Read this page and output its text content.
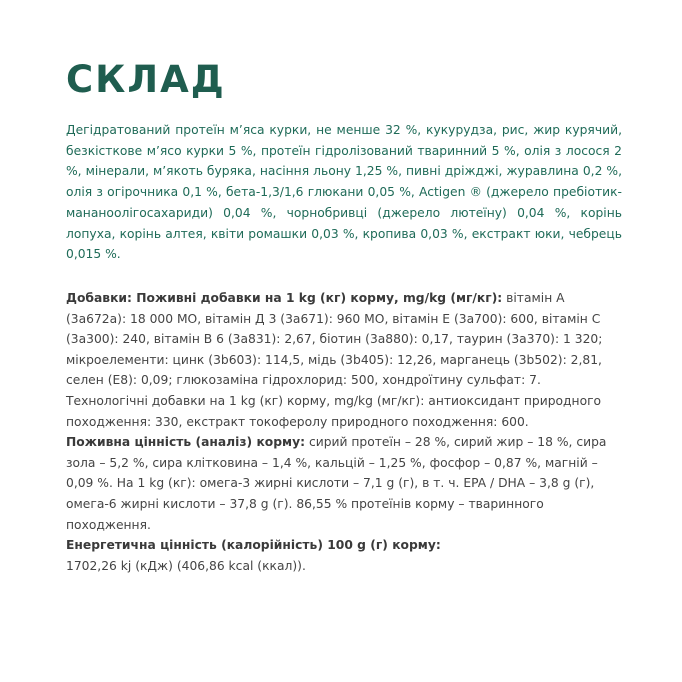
СКЛАД

Дегідратований протеїн м’яса курки, не менше 32 %, кукурудза, рис, жир курячий, безкісткове м’ясо курки 5 %, протеїн гідролізований тваринний 5 %, олія з лосося 2 %, мінерали, м’якоть буряка, насіння льону 1,25 %, пивні дріжджі, журавлина 0,2 %, олія з огірочника 0,1 %, бета-1,3/1,6 глюкани 0,05 %, Actigen ® (джерело пребіотик- мананоолігосахариди) 0,04 %, чорнобривці (джерело лютеїну) 0,04 %, корінь лопуха, корінь алтея, квіти ромашки 0,03 %, кропива 0,03 %, екстракт юки, чебрець 0,015 %.

Добавки: Поживні добавки на 1 kg (кг) корму, mg/kg (мг/кг): вітамін А (3a672a): 18 000 МО, вітамін Д 3 (3a671): 960 МО, вітамін Е (3a700): 600, вітамін С (3a300): 240, вітамін В 6 (3a831): 2,67, біотин (3a880): 0,17, таурин (3a370): 1 320; мікроелементи: цинк (3b603): 114,5, мідь (3b405): 12,26, марганець (3b502): 2,81, селен (E8): 0,09; глюкозаміна гідрохлорид: 500, хондроїтину сульфат: 7. Технологічні добавки на 1 kg (кг) корму, mg/kg (мг/кг): антиоксидант природного походження: 330, екстракт токоферолу природного походження: 600.

Поживна цінність (аналіз) корму: сирий протеїн – 28 %, сирий жир – 18 %, сира зола – 5,2 %, сира клітковина – 1,4 %, кальцій – 1,25 %, фосфор – 0,87 %, магній – 0,09 %. На 1 kg (кг): омега-3 жирні кислоти – 7,1 g (г), в т. ч. EPA / DHA – 3,8 g (г), омега-6 жирні кислоти – 37,8 g (г). 86,55 % протеїнів корму – тваринного походження.

Енергетична цінність (калорійність) 100 g (г) корму:

1702,26 kj (кДж) (406,86 kcal (ккал)).
